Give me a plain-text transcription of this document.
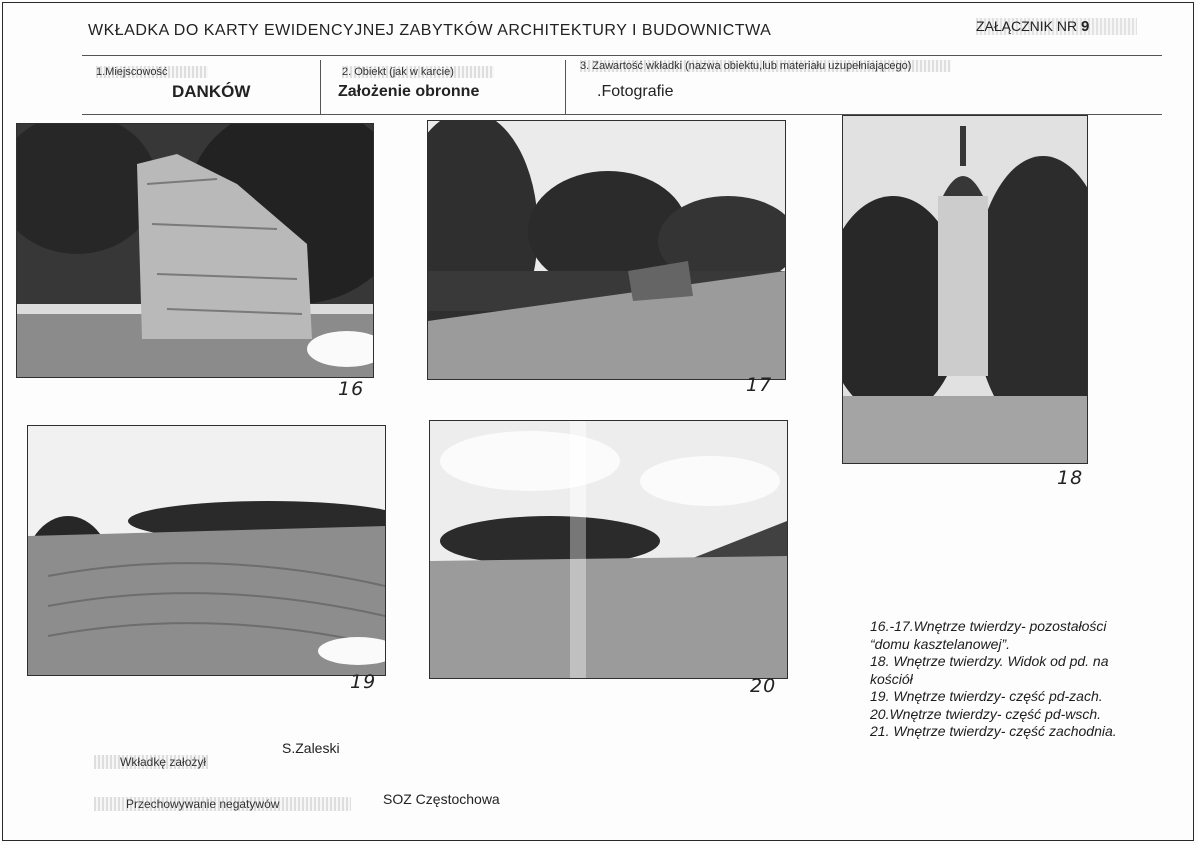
WKŁADKA DO KARTY EWIDENCYJNEJ ZABYTKÓW ARCHITEKTURY I BUDOWNICTWA	ZAŁĄCZNIK NR 9
1.Miejscowość
DANKÓW
2. Obiekt (jak w karcie)
Założenie obronne
3. Zawartość wkładki (nazwa obiektu,lub materiału uzupełniającego)
.Fotografie
16	17
18
19	20
16.-17.Wnętrze twierdzy- pozostałości
“domu kasztelanowej”.
18. Wnętrze twierdzy. Widok od pd. na
kościół
19. Wnętrze twierdzy- część pd-zach.
20.Wnętrze twierdzy- część pd-wsch.
21. Wnętrze twierdzy- część zachodnia.
Wkładkę założył
S.Zaleski
Przechowywanie negatywów	SOZ Częstochowa
